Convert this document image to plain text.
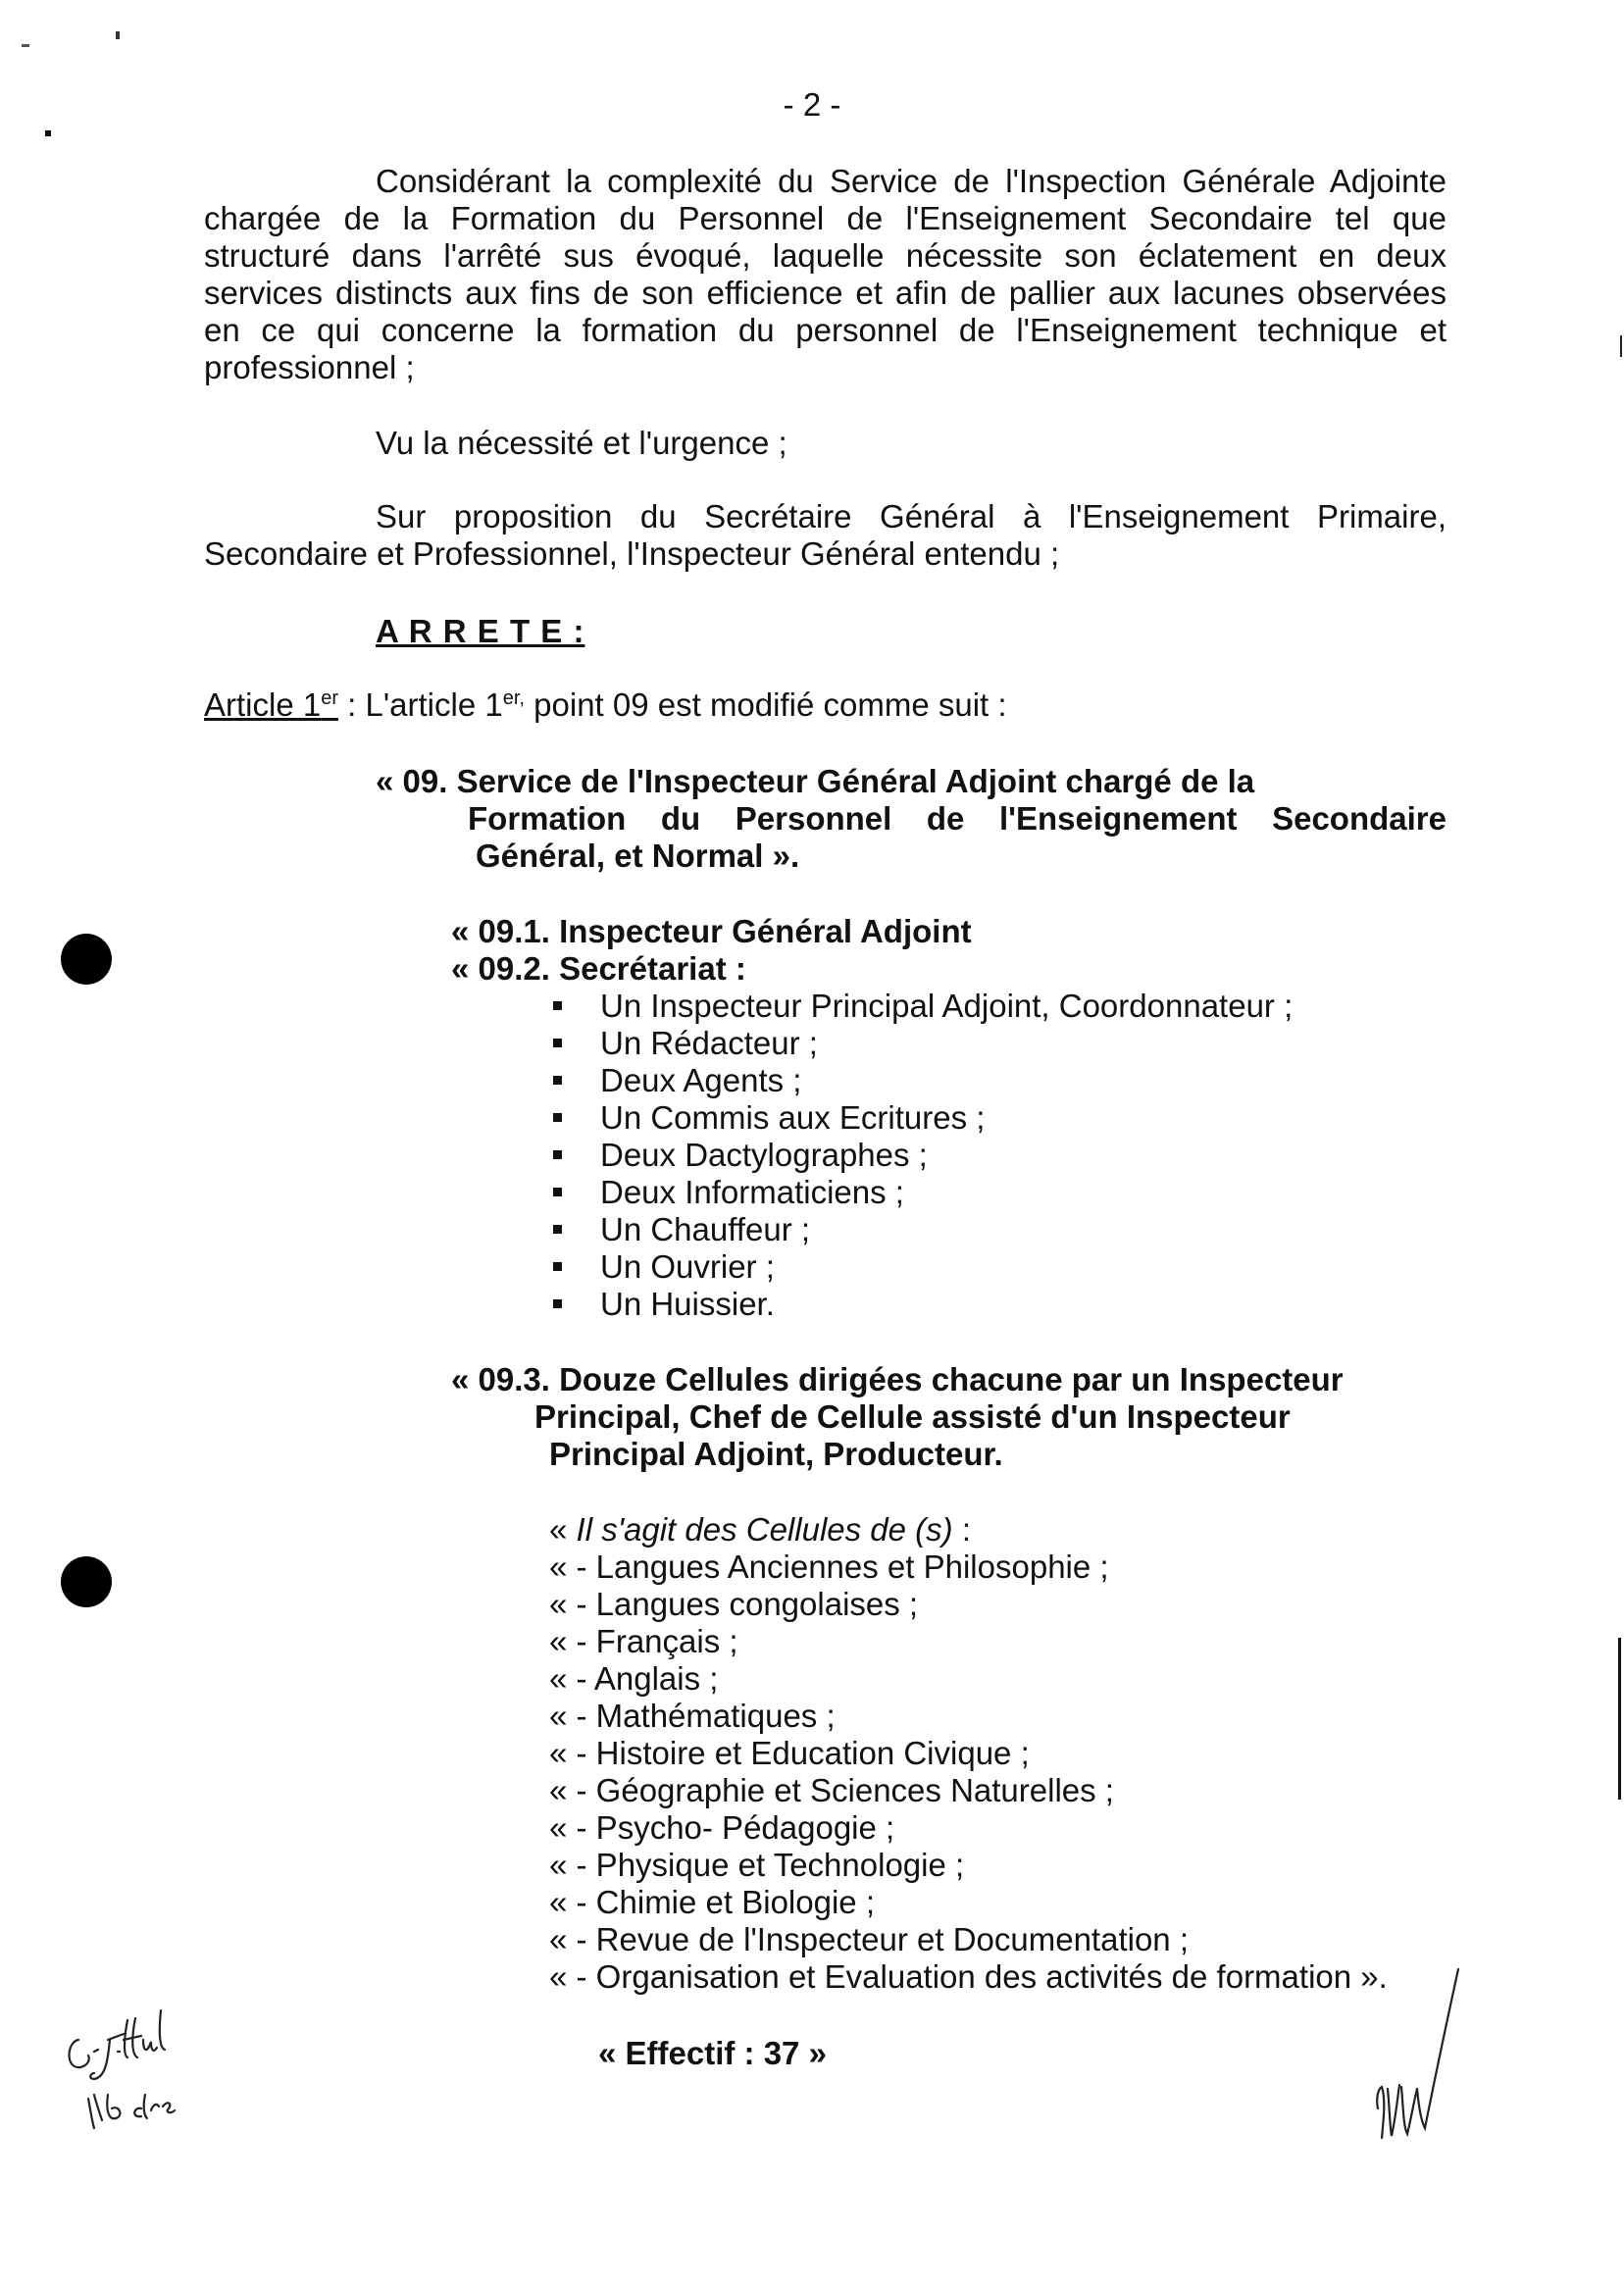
- 2 -
Considérant la complexité du Service de l'Inspection Générale Adjointe
chargée de la Formation du Personnel de l'Enseignement Secondaire tel que
structuré dans l'arrêté sus évoqué, laquelle nécessite son éclatement en deux
services distincts aux fins de son efficience et afin de pallier aux lacunes observées
en ce qui concerne la formation du personnel de l'Enseignement technique et
professionnel ;
Vu la nécessité et l'urgence ;
Sur proposition du Secrétaire Général à l'Enseignement Primaire,
Secondaire et Professionnel, l'Inspecteur Général entendu ;
A R R E T E :
Article 1er : L'article $1^{er,}$ point 09 est modifié comme suit :
« 09. Service de l'Inspecteur Général Adjoint chargé de la
Formation du Personnel de l'Enseignement Secondaire
Général, et Normal ».
« 09.1. Inspecteur Général Adjoint
« 09.2. Secrétariat :
Un Inspecteur Principal Adjoint, Coordonnateur ;
Un Rédacteur ;
Deux Agents ;
Un Commis aux Ecritures ;
Deux Dactylographes ;
Deux Informaticiens ;
Un Chauffeur ;
Un Ouvrier ;
Un Huissier.
« 09.3. Douze Cellules dirigées chacune par un Inspecteur
Principal, Chef de Cellule assisté d'un Inspecteur
Principal Adjoint, Producteur.
« Il s'agit des Cellules de (s) :
« - Langues Anciennes et Philosophie ;
« - Langues congolaises ;
« - Français ;
« - Anglais ;
« - Mathématiques ;
« - Histoire et Education Civique ;
« - Géographie et Sciences Naturelles ;
« - Psycho- Pédagogie ;
« - Physique et Technologie ;
« - Chimie et Biologie ;
« - Revue de l'Inspecteur et Documentation ;
« - Organisation et Evaluation des activités de formation ».
« Effectif : 37 »
